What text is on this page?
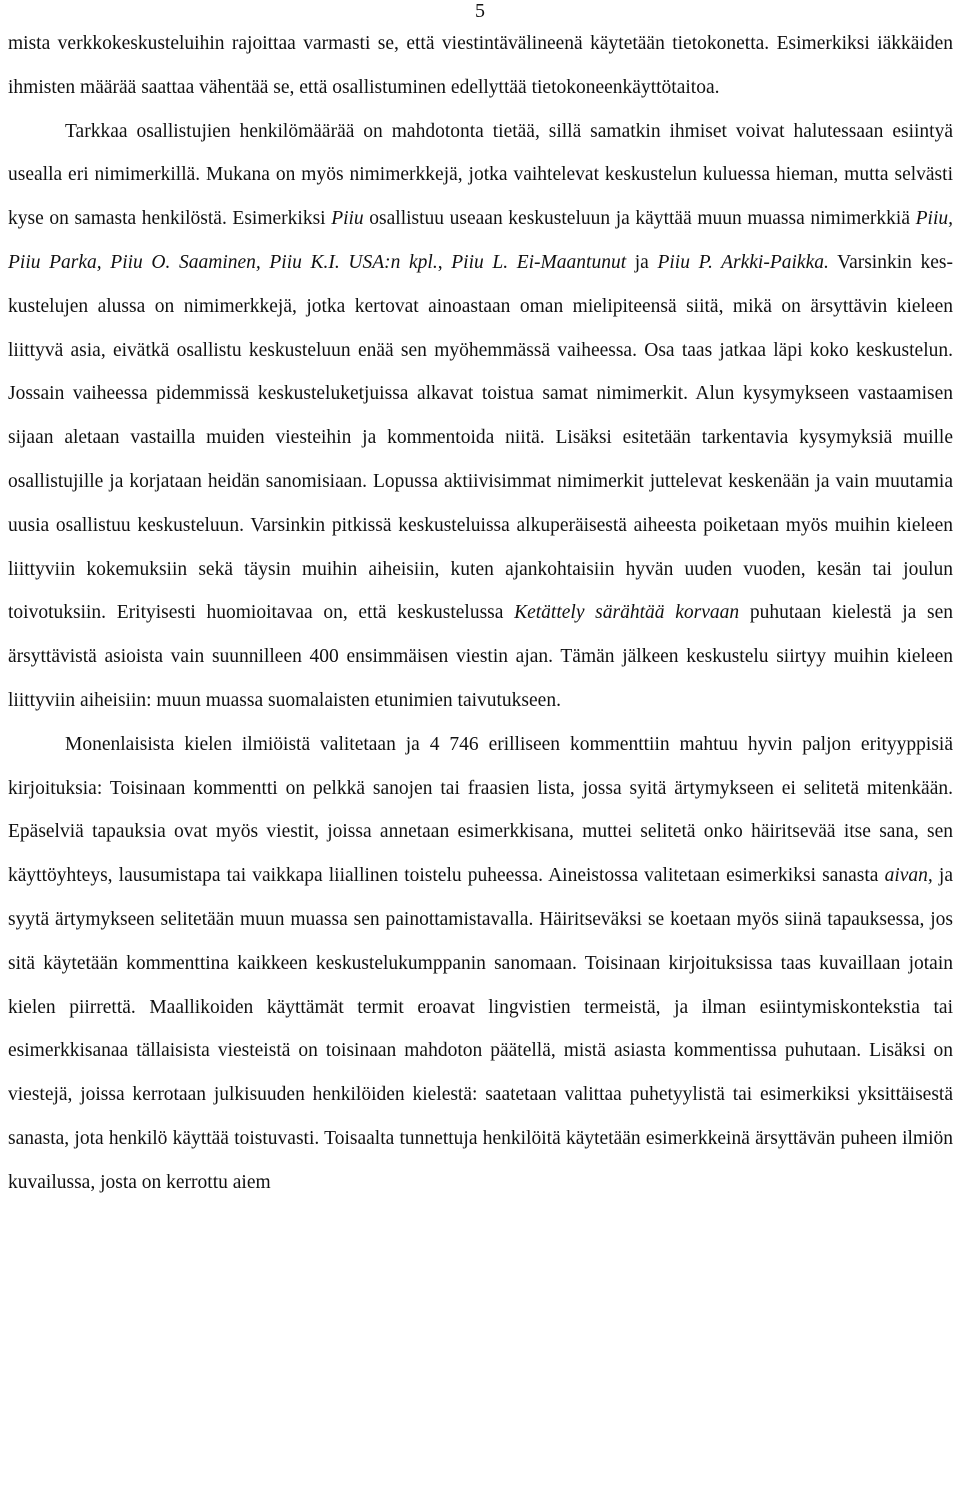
5

mista verkkokeskusteluihin rajoittaa varmasti se, että viestintävälineenä käytetään tietokonetta. Esimerkiksi iäkkäiden ihmisten määrää saattaa vähentää se, että osallistuminen edellyttää tietokoneenkäyttötaitoa.

Tarkkaa osallistujien henkilömäärää on mahdotonta tietää, sillä samatkin ihmiset voivat halutessaan esiintyä usealla eri nimimerkillä. Mukana on myös nimimerkkejä, jotka vaihtelevat keskustelun kuluessa hieman, mutta selvästi kyse on samasta henkilöstä. Esimerkiksi Piiu osallistuu useaan keskusteluun ja käyttää muun muassa nimimerkkiä Piiu, Piiu Parka, Piiu O. Saaminen, Piiu K.I. USA:n kpl., Piiu L. Ei-Maantunut ja Piiu P. Arkki-Paikka. Varsinkin keskustelujen alussa on nimimerkkejä, jotka kertovat ainoastaan oman mielipiteensä siitä, mikä on ärsyttävin kieleen liittyvä asia, eivätkä osallistu keskusteluun enää sen myöhemmässä vaiheessa. Osa taas jatkaa läpi koko keskustelun. Jossain vaiheessa pidemmissä keskusteluketjuissa alkavat toistua samat nimimerkit. Alun kysymykseen vastaamisen sijaan aletaan vastailla muiden viesteihin ja kommentoida niitä. Lisäksi esitetään tarkentavia kysymyksiä muille osallistujille ja korjataan heidän sanomisiaan. Lopussa aktiivisimmat nimimerkit juttelevat keskenään ja vain muutamia uusia osallistuu keskusteluun. Varsinkin pitkissä keskusteluissa alkuperäisestä aiheesta poiketaan myös muihin kieleen liittyviin kokemuksiin sekä täysin muihin aiheisiin, kuten ajankohtaisiin hyvän uuden vuoden, kesän tai joulun toivotuksiin. Erityisesti huomioitavaa on, että keskustelussa Ketättely särähtää korvaan puhutaan kielestä ja sen ärsyttävistä asioista vain suunnilleen 400 ensimmäisen viestin ajan. Tämän jälkeen keskustelu siirtyy muihin kieleen liittyviin aiheisiin: muun muassa suomalaisten etunimien taivutukseen.

Monenlaisista kielen ilmiöistä valitetaan ja 4 746 erilliseen kommenttiin mahtuu hyvin paljon erityyppisiä kirjoituksia: Toisinaan kommentti on pelkkä sanojen tai fraasien lista, jossa syitä ärtymykseen ei selitetä mitenkään. Epäselviä tapauksia ovat myös viestit, joissa annetaan esimerkkisana, muttei selitetä onko häiritsevää itse sana, sen käyttöyhteys, lausumistapa tai vaikkapa liiallinen toistelu puheessa. Aineistossa valitetaan esimerkiksi sanasta aivan, ja syytä ärtymykseen selitetään muun muassa sen painottamistavalla. Häiritseväksi se koetaan myös siinä tapauksessa, jos sitä käytetään kommenttina kaikkeen keskustelukumppanin sanomaan. Toisinaan kirjoituksissa taas kuvaillaan jotain kielen piirrettä. Maallikoiden käyttämät termit eroavat lingvistien termeistä, ja ilman esiintymiskontekstia tai esimerkkisanaa tällaisista viesteistä on toisinaan mahdoton päätellä, mistä asiasta kommentissa puhutaan. Lisäksi on viestejä, joissa kerrotaan julkisuuden henkilöiden kielestä: saatetaan valittaa puhetyylistä tai esimerkiksi yksittäisestä sanasta, jota henkilö käyttää toistuvasti. Toisaalta tunnettuja henkilöitä käytetään esimerkkeinä ärsyttävän puheen ilmiön kuvailussa, josta on kerrottu aiem
